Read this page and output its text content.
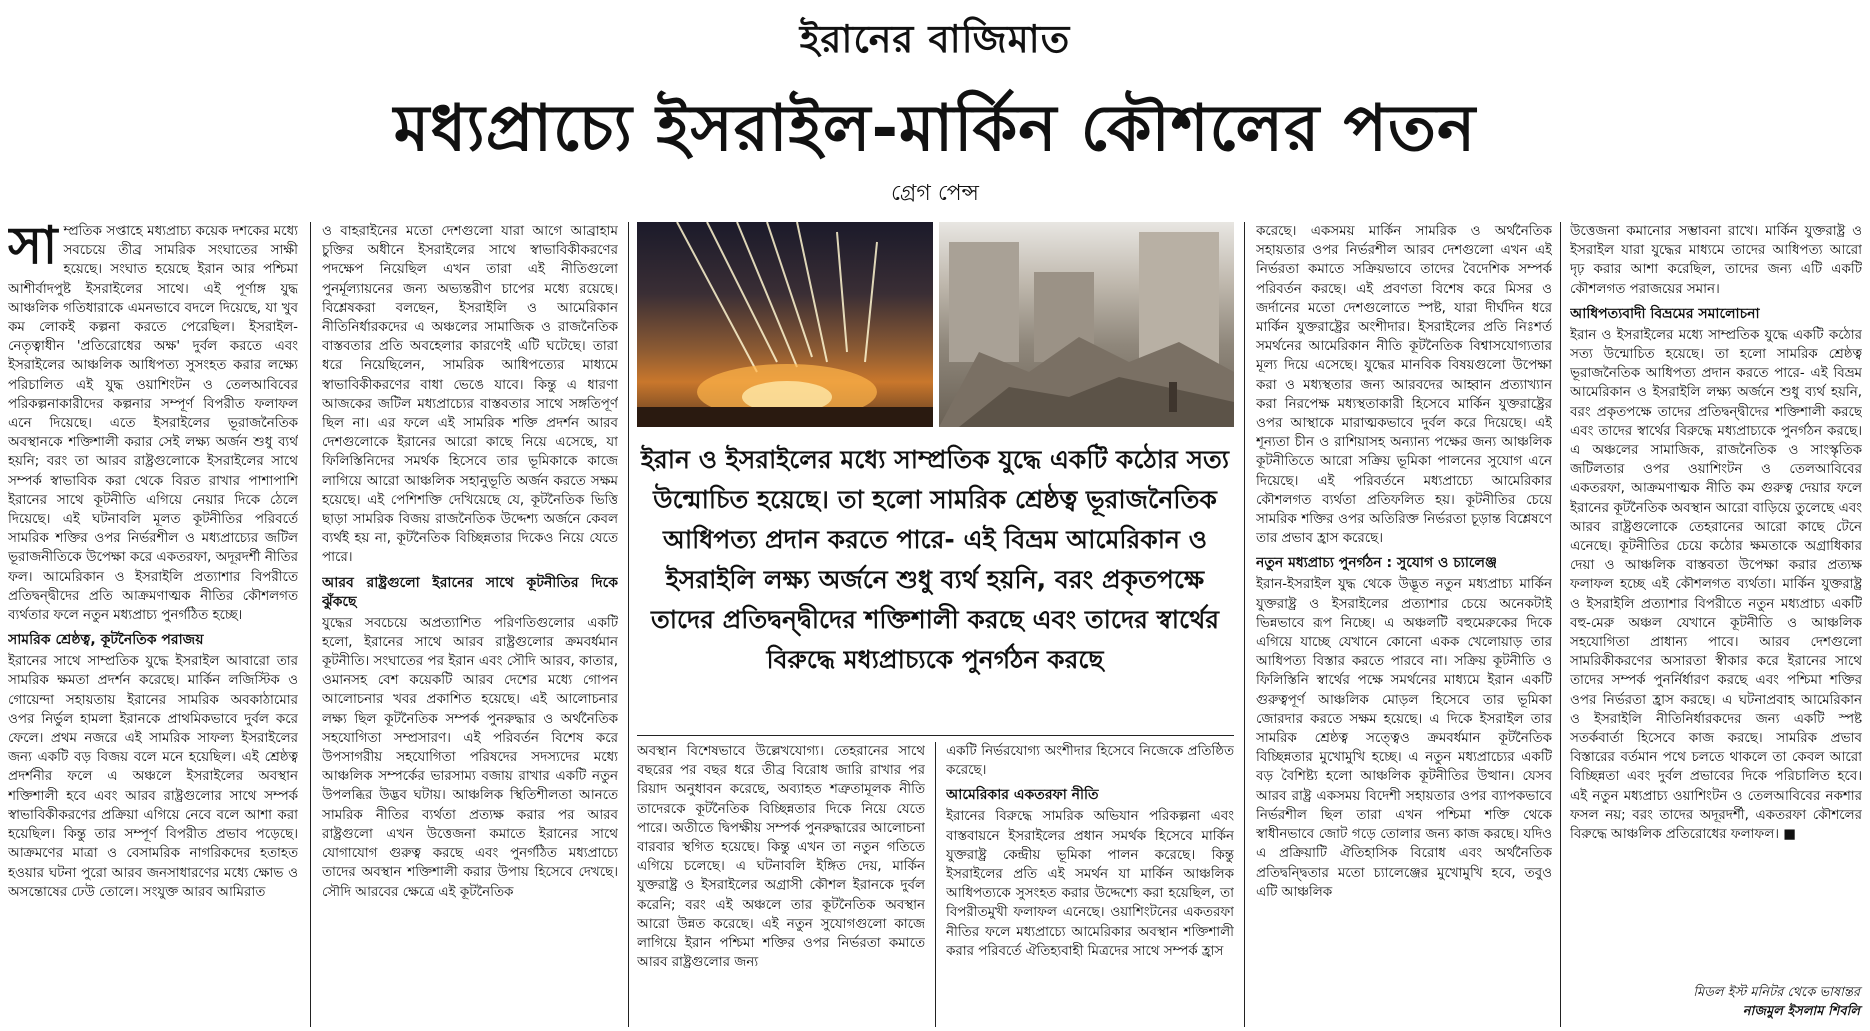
ইরানের বাজিমাত
মধ্যপ্রাচ্যে ইসরাইল-মার্কিন কৌশলের পতন
গ্রেগ পেন্স
সা ম্প্রতিক সপ্তাহে মধ্যপ্রাচ্য কয়েক দশকের মধ্যে সবচেয়ে তীব্র সামরিক সংঘাতের সাক্ষী হয়েছে। সংঘাত হয়েছে ইরান আর পশ্চিমা আশীর্বাদপুষ্ট ইসরাইলের সাথে। এই পূর্ণাঙ্গ যুদ্ধ আঞ্চলিক গতিধারাকে এমনভাবে বদলে দিয়েছে, যা খুব কম লোকই কল্পনা করতে পেরেছিল। ইসরাইল-নেতৃত্বাধীন 'প্রতিরোধের অক্ষ' দুর্বল করতে এবং ইসরাইলের আঞ্চলিক আধিপত্য সুসংহত করার লক্ষ্যে পরিচালিত এই যুদ্ধ ওয়াশিংটন ও তেলআবিবের পরিকল্পনাকারীদের কল্পনার সম্পূর্ণ বিপরীত ফলাফল এনে দিয়েছে। এতে ইসরাইলের ভূরাজনৈতিক অবস্থানকে শক্তিশালী করার সেই লক্ষ্য অর্জন শুধু ব্যর্থ হয়নি; বরং তা আরব রাষ্ট্রগুলোকে ইসরাইলের সাথে সম্পর্ক স্বাভাবিক করা থেকে বিরত রাখার পাশাপাশি ইরানের সাথে কূটনীতি এগিয়ে নেয়ার দিকে ঠেলে দিয়েছে। এই ঘটনাবলি মূলত কূটনীতির পরিবর্তে সামরিক শক্তির ওপর নির্ভরশীল ও মধ্যপ্রাচ্যের জটিল ভূরাজনীতিকে উপেক্ষা করে একতরফা, অদূরদর্শী নীতির ফল। আমেরিকান ও ইসরাইলি প্রত্যাশার বিপরীতে প্রতিদ্বন্দ্বীদের প্রতি আক্রমণাত্মক নীতির কৌশলগত ব্যর্থতার ফলে নতুন মধ্যপ্রাচ্য পুনর্গঠিত হচ্ছে।

সামরিক শ্রেষ্ঠত্ব, কূটনৈতিক পরাজয়

ইরানের সাথে সাম্প্রতিক যুদ্ধে ইসরাইল আবারো তার সামরিক ক্ষমতা প্রদর্শন করেছে। মার্কিন লজিস্টিক ও গোয়েন্দা সহায়তায় ইরানের সামরিক অবকাঠামোর ওপর নির্ভুল হামলা ইরানকে প্রাথমিকভাবে দুর্বল করে ফেলে। প্রথম নজরে এই সামরিক সাফল্য ইসরাইলের জন্য একটি বড় বিজয় বলে মনে হয়েছিল। এই শ্রেষ্ঠত্ব প্রদর্শনীর ফলে এ অঞ্চলে ইসরাইলের অবস্থান শক্তিশালী হবে এবং আরব রাষ্ট্রগুলোর সাথে সম্পর্ক স্বাভাবিকীকরণের প্রক্রিয়া এগিয়ে নেবে বলে আশা করা হয়েছিল। কিন্তু তার সম্পূর্ণ বিপরীত প্রভাব পড়েছে। আক্রমণের মাত্রা ও বেসামরিক নাগরিকদের হতাহত হওয়ার ঘটনা পুরো আরব জনসাধারণের মধ্যে ক্ষোভ ও অসন্তোষের ঢেউ তোলে। সংযুক্ত আরব আমিরাত

ও বাহরাইনের মতো দেশগুলো যারা আগে আব্রাহাম চুক্তির অধীনে ইসরাইলের সাথে স্বাভাবিকীকরণের পদক্ষেপ নিয়েছিল এখন তারা এই নীতিগুলো পুনর্মূল্যায়নের জন্য অভ্যন্তরীণ চাপের মধ্যে রয়েছে। বিশ্লেষকরা বলছেন, ইসরাইলি ও আমেরিকান নীতিনির্ধারকদের এ অঞ্চলের সামাজিক ও রাজনৈতিক বাস্তবতার প্রতি অবহেলার কারণেই এটি ঘটেছে। তারা ধরে নিয়েছিলেন, সামরিক আধিপত্যের মাধ্যমে স্বাভাবিকীকরণের বাধা ভেঙে যাবে। কিন্তু এ ধারণা আজকের জটিল মধ্যপ্রাচ্যের বাস্তবতার সাথে সঙ্গতিপূর্ণ ছিল না। এর ফলে এই সামরিক শক্তি প্রদর্শন আরব দেশগুলোকে ইরানের আরো কাছে নিয়ে এসেছে, যা ফিলিস্তিনিদের সমর্থক হিসেবে তার ভূমিকাকে কাজে লাগিয়ে আরো আঞ্চলিক সহানুভূতি অর্জন করতে সক্ষম হয়েছে। এই পেশিশক্তি দেখিয়েছে যে, কূটনৈতিক ভিত্তি ছাড়া সামরিক বিজয় রাজনৈতিক উদ্দেশ্য অর্জনে কেবল ব্যর্থই হয় না, কূটনৈতিক বিচ্ছিন্নতার দিকেও নিয়ে যেতে পারে।

আরব রাষ্ট্রগুলো ইরানের সাথে কূটনীতির দিকে ঝুঁকছে

যুদ্ধের সবচেয়ে অপ্রত্যাশিত পরিণতিগুলোর একটি হলো, ইরানের সাথে আরব রাষ্ট্রগুলোর ক্রমবর্ধমান কূটনীতি। সংঘাতের পর ইরান এবং সৌদি আরব, কাতার, ওমানসহ বেশ কয়েকটি আরব দেশের মধ্যে গোপন আলোচনার খবর প্রকাশিত হয়েছে। এই আলোচনার লক্ষ্য ছিল কূটনৈতিক সম্পর্ক পুনরুদ্ধার ও অর্থনৈতিক সহযোগিতা সম্প্রসারণ। এই পরিবর্তন বিশেষ করে উপসাগরীয় সহযোগিতা পরিষদের সদস্যদের মধ্যে আঞ্চলিক সম্পর্কের ভারসাম্য বজায় রাখার একটি নতুন উপলব্ধির উদ্ভব ঘটায়। আঞ্চলিক স্থিতিশীলতা আনতে সামরিক নীতির ব্যর্থতা প্রত্যক্ষ করার পর আরব রাষ্ট্রগুলো এখন উত্তেজনা কমাতে ইরানের সাথে যোগাযোগ গুরুত্ব করছে এবং পুনর্গঠিত মধ্যপ্রাচ্যে তাদের অবস্থান শক্তিশালী করার উপায় হিসেবে দেখছে। সৌদি আরবের ক্ষেত্রে এই কূটনৈতিক

ইরান ও ইসরাইলের মধ্যে সাম্প্রতিক যুদ্ধে একটি কঠোর সত্য উন্মোচিত হয়েছে। তা হলো সামরিক শ্রেষ্ঠত্ব ভূরাজনৈতিক আধিপত্য প্রদান করতে পারে- এই বিভ্রম আমেরিকান ও ইসরাইলি লক্ষ্য অর্জনে শুধু ব্যর্থ হয়নি, বরং প্রকৃতপক্ষে তাদের প্রতিদ্বন্দ্বীদের শক্তিশালী করছে এবং তাদের স্বার্থের বিরুদ্ধে মধ্যপ্রাচ্যকে পুনর্গঠন করছে

অবস্থান বিশেষভাবে উল্লেখযোগ্য। তেহরানের সাথে বছরের পর বছর ধরে তীব্র বিরোধ জারি রাখার পর রিয়াদ অনুধাবন করেছে, অব্যাহত শত্রুতামূলক নীতি তাদেরকে কূটনৈতিক বিচ্ছিন্নতার দিকে নিয়ে যেতে পারে। অতীতে দ্বিপক্ষীয় সম্পর্ক পুনরুদ্ধারের আলোচনা বারবার স্থগিত হয়েছে। কিন্তু এখন তা নতুন গতিতে এগিয়ে চলেছে। এ ঘটনাবলি ইঙ্গিত দেয়, মার্কিন যুক্তরাষ্ট্র ও ইসরাইলের অগ্রাসী কৌশল ইরানকে দুর্বল করেনি; বরং এই অঞ্চলে তার কূটনৈতিক অবস্থান আরো উন্নত করেছে। এই নতুন সুযোগগুলো কাজে লাগিয়ে ইরান পশ্চিমা শক্তির ওপর নির্ভরতা কমাতে আরব রাষ্ট্রগুলোর জন্য

একটি নির্ভরযোগ্য অংশীদার হিসেবে নিজেকে প্রতিষ্ঠিত করেছে।

আমেরিকার একতরফা নীতি

ইরানের বিরুদ্ধে সামরিক অভিযান পরিকল্পনা এবং বাস্তবায়নে ইসরাইলের প্রধান সমর্থক হিসেবে মার্কিন যুক্তরাষ্ট্র কেন্দ্রীয় ভূমিকা পালন করেছে। কিন্তু ইসরাইলের প্রতি এই সমর্থন যা মার্কিন আঞ্চলিক আধিপত্যকে সুসংহত করার উদ্দেশ্যে করা হয়েছিল, তা বিপরীতমুখী ফলাফল এনেছে। ওয়াশিংটনের একতরফা নীতির ফলে মধ্যপ্রাচ্যে আমেরিকার অবস্থান শক্তিশালী করার পরিবর্তে ঐতিহ্যবাহী মিত্রদের সাথে সম্পর্ক হ্রাস

করেছে। একসময় মার্কিন সামরিক ও অর্থনৈতিক সহায়তার ওপর নির্ভরশীল আরব দেশগুলো এখন এই নির্ভরতা কমাতে সক্রিয়ভাবে তাদের বৈদেশিক সম্পর্ক পরিবর্তন করছে। এই প্রবণতা বিশেষ করে মিসর ও জর্দানের মতো দেশগুলোতে স্পষ্ট, যারা দীর্ঘদিন ধরে মার্কিন যুক্তরাষ্ট্রের অংশীদার। ইসরাইলের প্রতি নিঃশর্ত সমর্থনের আমেরিকান নীতি কূটনৈতিক বিশ্বাসযোগ্যতার মূল্য দিয়ে এসেছে। যুদ্ধের মানবিক বিষয়গুলো উপেক্ষা করা ও মধ্যস্থতার জন্য আরবদের আহ্বান প্রত্যাখ্যান করা নিরপেক্ষ মধ্যস্থতাকারী হিসেবে মার্কিন যুক্তরাষ্ট্রের ওপর আস্থাকে মারাত্মকভাবে দুর্বল করে দিয়েছে। এই শূন্যতা চীন ও রাশিয়াসহ অন্যান্য পক্ষের জন্য আঞ্চলিক কূটনীতিতে আরো সক্রিয় ভূমিকা পালনের সুযোগ এনে দিয়েছে। এই পরিবর্তনে মধ্যপ্রাচ্যে আমেরিকার কৌশলগত ব্যর্থতা প্রতিফলিত হয়। কূটনীতির চেয়ে সামরিক শক্তির ওপর অতিরিক্ত নির্ভরতা চূড়ান্ত বিশ্লেষণে তার প্রভাব হ্রাস করেছে।

নতুন মধ্যপ্রাচ্য পুনর্গঠন : সুযোগ ও চ্যালেঞ্জ

ইরান-ইসরাইল যুদ্ধ থেকে উদ্ভূত নতুন মধ্যপ্রাচ্য মার্কিন যুক্তরাষ্ট্র ও ইসরাইলের প্রত্যাশার চেয়ে অনেকটাই ভিন্নভাবে রূপ নিচ্ছে। এ অঞ্চলটি বহুমেরুকের দিকে এগিয়ে যাচ্ছে যেখানে কোনো একক খেলোয়াড় তার আধিপত্য বিস্তার করতে পারবে না। সক্রিয় কূটনীতি ও ফিলিস্তিনি স্বার্থের পক্ষে সমর্থনের মাধ্যমে ইরান একটি গুরুত্বপূর্ণ আঞ্চলিক মোড়ল হিসেবে তার ভূমিকা জোরদার করতে সক্ষম হয়েছে। এ দিকে ইসরাইল তার সামরিক শ্রেষ্ঠত্ব সত্ত্বেও ক্রমবর্ধমান কূটনৈতিক বিচ্ছিন্নতার মুখোমুখি হচ্ছে। এ নতুন মধ্যপ্রাচ্যের একটি বড় বৈশিষ্ট্য হলো আঞ্চলিক কূটনীতির উত্থান। যেসব আরব রাষ্ট্র একসময় বিদেশী সহায়তার ওপর ব্যাপকভাবে নির্ভরশীল ছিল তারা এখন পশ্চিমা শক্তি থেকে স্বাধীনভাবে জোট গড়ে তোলার জন্য কাজ করছে। যদিও এ প্রক্রিয়াটি ঐতিহাসিক বিরোধ এবং অর্থনৈতিক প্রতিদ্বন্দ্বিতার মতো চ্যালেঞ্জের মুখোমুখি হবে, তবুও এটি আঞ্চলিক

উত্তেজনা কমানোর সম্ভাবনা রাখে। মার্কিন যুক্তরাষ্ট্র ও ইসরাইল যারা যুদ্ধের মাধ্যমে তাদের আধিপত্য আরো দৃঢ় করার আশা করেছিল, তাদের জন্য এটি একটি কৌশলগত পরাজয়ের সমান।

আধিপত্যবাদী বিভ্রমের সমালোচনা

ইরান ও ইসরাইলের মধ্যে সাম্প্রতিক যুদ্ধে একটি কঠোর সত্য উন্মোচিত হয়েছে। তা হলো সামরিক শ্রেষ্ঠত্ব ভূরাজনৈতিক আধিপত্য প্রদান করতে পারে- এই বিভ্রম আমেরিকান ও ইসরাইলি লক্ষ্য অর্জনে শুধু ব্যর্থ হয়নি, বরং প্রকৃতপক্ষে তাদের প্রতিদ্বন্দ্বীদের শক্তিশালী করছে এবং তাদের স্বার্থের বিরুদ্ধে মধ্যপ্রাচ্যকে পুনর্গঠন করছে। এ অঞ্চলের সামাজিক, রাজনৈতিক ও সাংস্কৃতিক জটিলতার ওপর ওয়াশিংটন ও তেলআবিবের একতরফা, আক্রমণাত্মক নীতি কম গুরুত্ব দেয়ার ফলে ইরানের কূটনৈতিক অবস্থান আরো বাড়িয়ে তুলেছে এবং আরব রাষ্ট্রগুলোকে তেহরানের আরো কাছে টেনে এনেছে। কূটনীতির চেয়ে কঠোর ক্ষমতাকে অগ্রাধিকার দেয়া ও আঞ্চলিক বাস্তবতা উপেক্ষা করার প্রত্যক্ষ ফলাফল হচ্ছে এই কৌশলগত ব্যর্থতা। মার্কিন যুক্তরাষ্ট্র ও ইসরাইলি প্রত্যাশার বিপরীতে নতুন মধ্যপ্রাচ্য একটি বহু-মেরু অঞ্চল যেখানে কূটনীতি ও আঞ্চলিক সহযোগিতা প্রাধান্য পাবে। আরব দেশগুলো সামরিকীকরণের অসারতা স্বীকার করে ইরানের সাথে তাদের সম্পর্ক পুনর্নির্ধারণ করছে এবং পশ্চিমা শক্তির ওপর নির্ভরতা হ্রাস করছে। এ ঘটনাপ্রবাহ আমেরিকান ও ইসরাইলি নীতিনির্ধারকদের জন্য একটি স্পষ্ট সতর্কবার্তা হিসেবে কাজ করছে। সামরিক প্রভাব বিস্তারের বর্তমান পথে চলতে থাকলে তা কেবল আরো বিচ্ছিন্নতা এবং দুর্বল প্রভাবের দিকে পরিচালিত হবে। এই নতুন মধ্যপ্রাচ্য ওয়াশিংটন ও তেলআবিবের নকশার ফসল নয়; বরং তাদের অদূরদর্শী, একতরফা কৌশলের বিরুদ্ধে আঞ্চলিক প্রতিরোধের ফলাফল। ■

মিডল ইস্ট মনিটর থেকে ভাষান্তর
নাজমুল ইসলাম শিবলি
